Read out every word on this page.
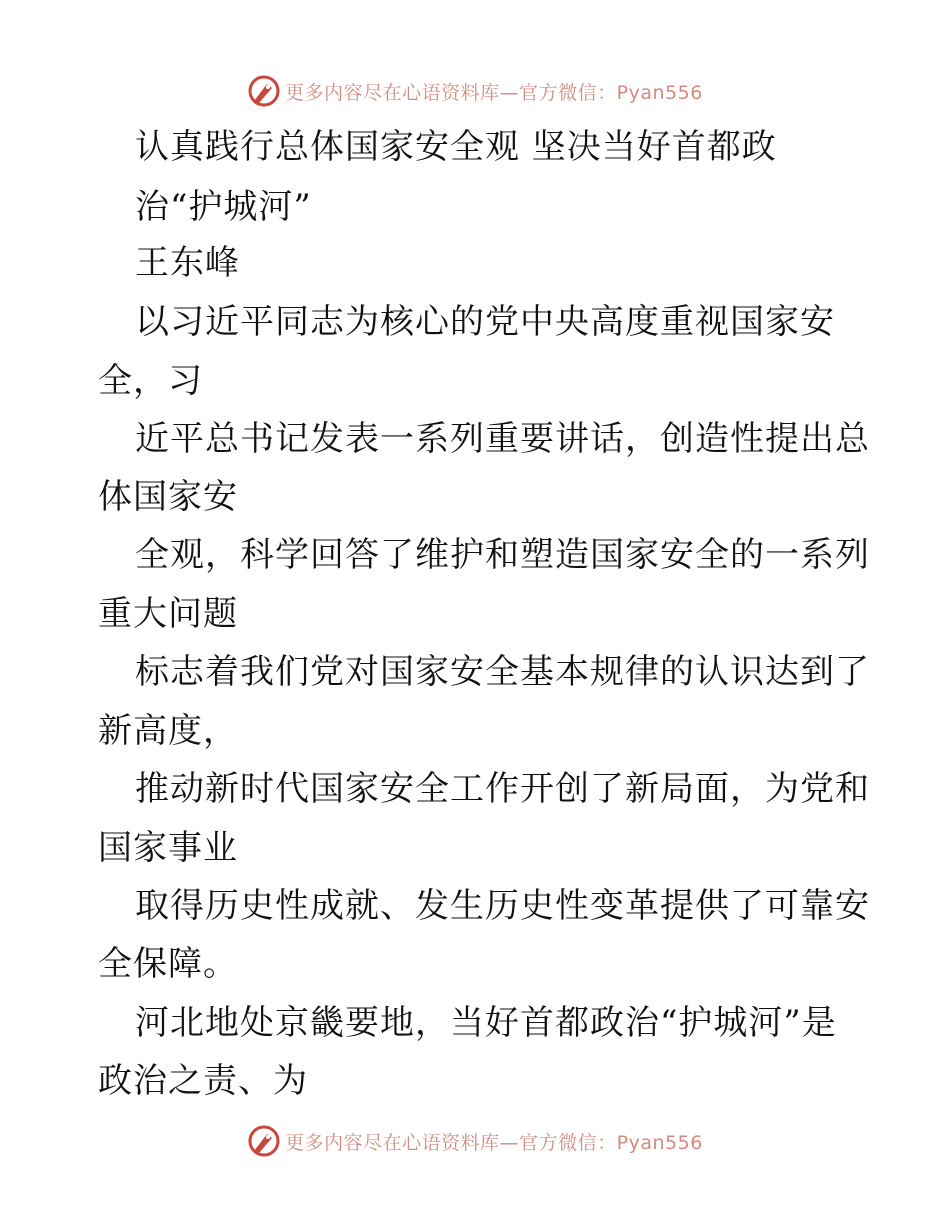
更多内容尽在心语资料库—官方微信：Pyan556
认真践行总体国家安全观 坚决当好首都政
治“护城河”
王东峰
以习近平同志为核心的党中央高度重视国家安
全，习
近平总书记发表一系列重要讲话，创造性提出总
体国家安
全观，科学回答了维护和塑造国家安全的一系列
重大问题
标志着我们党对国家安全基本规律的认识达到了
新高度，
推动新时代国家安全工作开创了新局面，为党和
国家事业
取得历史性成就、发生历史性变革提供了可靠安
全保障。
河北地处京畿要地，当好首都政治“护城河”是
政治之责、为
更多内容尽在心语资料库—官方微信：Pyan556
